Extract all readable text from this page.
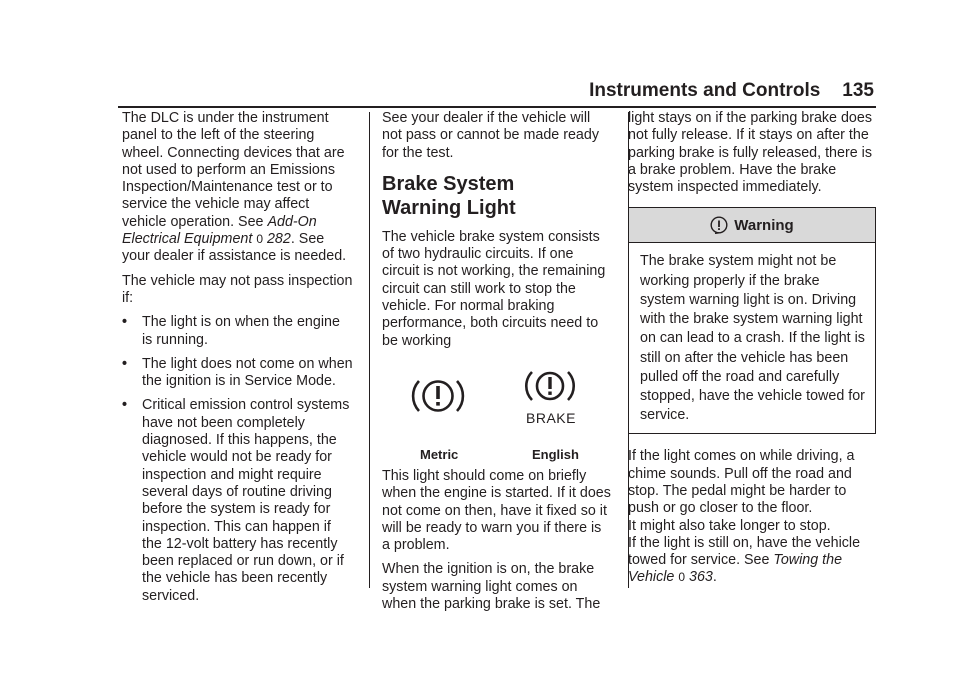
Instruments and Controls 135

The DLC is under the instrument panel to the left of the steering wheel. Connecting devices that are not used to perform an Emissions Inspection/Maintenance test or to service the vehicle may affect vehicle operation. See Add-On Electrical Equipment 0 282. See your dealer if assistance is needed.

The vehicle may not pass inspection if:

•	The light is on when the engine is running.
•	The light does not come on when the ignition is in Service Mode.
•	Critical emission control systems have not been completely diagnosed. If this happens, the vehicle would not be ready for inspection and might require several days of routine driving before the system is ready for inspection. This can happen if the 12-volt battery has recently been replaced or run down, or if the vehicle has been recently serviced.

See your dealer if the vehicle will not pass or cannot be made ready for the test.

Brake System Warning Light

The vehicle brake system consists of two hydraulic circuits. If one circuit is not working, the remaining circuit can still work to stop the vehicle. For normal braking performance, both circuits need to be working

BRAKE
Metric	English

This light should come on briefly when the engine is started. If it does not come on then, have it fixed so it will be ready to warn you if there is a problem.

When the ignition is on, the brake system warning light comes on when the parking brake is set. The

light stays on if the parking brake does not fully release. If it stays on after the parking brake is fully released, there is a brake problem. Have the brake system inspected immediately.

Warning
The brake system might not be working properly if the brake system warning light is on. Driving with the brake system warning light on can lead to a crash. If the light is still on after the vehicle has been pulled off the road and carefully stopped, have the vehicle towed for service.

If the light comes on while driving, a chime sounds. Pull off the road and stop. The pedal might be harder to push or go closer to the floor.

It might also take longer to stop.

If the light is still on, have the vehicle towed for service. See Towing the Vehicle 0 363.
